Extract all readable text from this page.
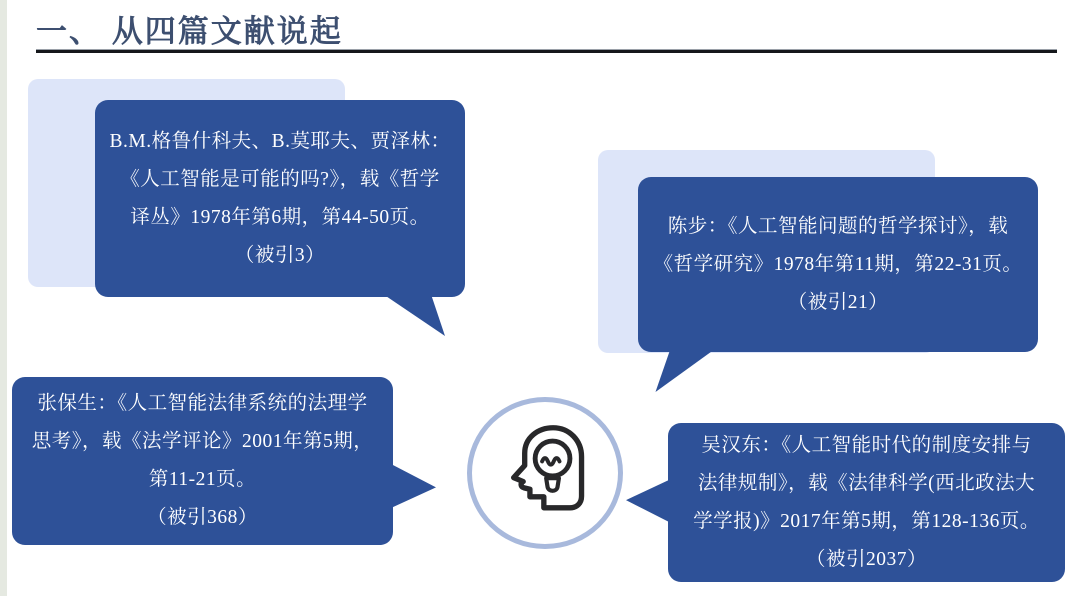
一、 从四篇文献说起
B.M.格鲁什科夫、B.莫耶夫、贾泽林：
《人工智能是可能的吗?》，载《哲学
译丛》1978年第6期，第44-50页。
（被引3）
陈步：《人工智能问题的哲学探讨》，载
《哲学研究》1978年第11期，第22-31页。
（被引21）
张保生：《人工智能法律系统的法理学
思考》，载《法学评论》2001年第5期，
第11-21页。
（被引368）
吴汉东：《人工智能时代的制度安排与
法律规制》，载《法律科学(西北政法大
学学报)》2017年第5期，第128-136页。
（被引2037）
